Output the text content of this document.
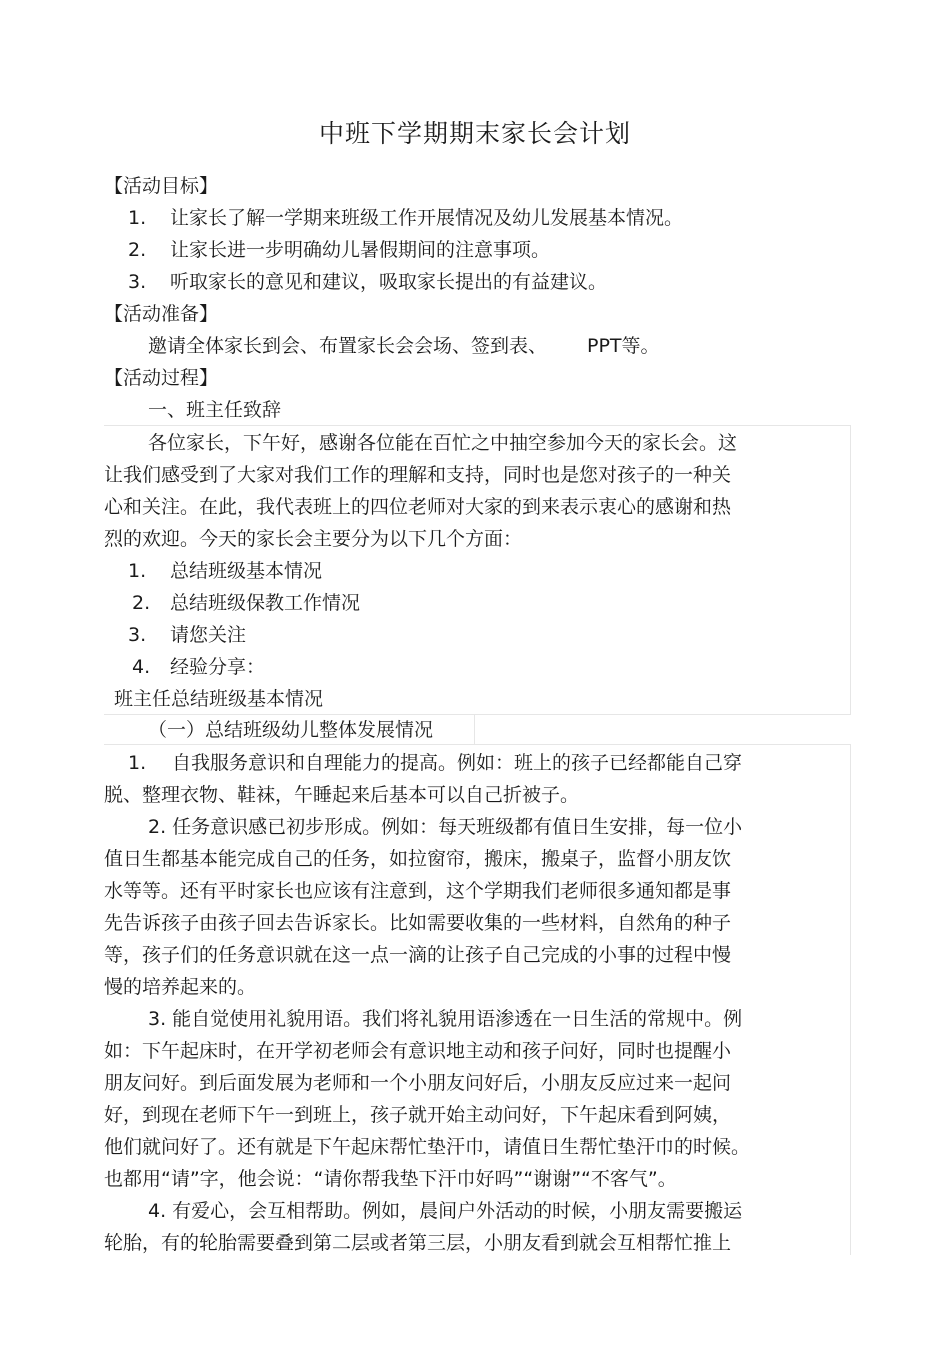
中班下学期期末家长会计划
【活动目标】
1. 让家长了解一学期来班级工作开展情况及幼儿发展基本情况。
2. 让家长进一步明确幼儿暑假期间的注意事项。
3. 听取家长的意见和建议，吸取家长提出的有益建议。
【活动准备】
邀请全体家长到会、布置家长会会场、签到表、 PPT等。
【活动过程】
一、班主任致辞
各位家长，下午好，感谢各位能在百忙之中抽空参加今天的家长会。这
让我们感受到了大家对我们工作的理解和支持，同时也是您对孩子的一种关
心和关注。在此，我代表班上的四位老师对大家的到来表示衷心的感谢和热
烈的欢迎。今天的家长会主要分为以下几个方面：
1. 总结班级基本情况
2. 总结班级保教工作情况
3. 请您关注
4. 经验分享：
班主任总结班级基本情况
（一）总结班级幼儿整体发展情况
1. 自我服务意识和自理能力的提高。例如：班上的孩子已经都能自己穿
脱、整理衣物、鞋袜，午睡起来后基本可以自己折被子。
2. 任务意识感已初步形成。例如：每天班级都有值日生安排，每一位小
值日生都基本能完成自己的任务，如拉窗帘，搬床，搬桌子，监督小朋友饮
水等等。还有平时家长也应该有注意到，这个学期我们老师很多通知都是事
先告诉孩子由孩子回去告诉家长。比如需要收集的一些材料，自然角的种子
等，孩子们的任务意识就在这一点一滴的让孩子自己完成的小事的过程中慢
慢的培养起来的。
3. 能自觉使用礼貌用语。我们将礼貌用语渗透在一日生活的常规中。例
如：下午起床时，在开学初老师会有意识地主动和孩子问好，同时也提醒小
朋友问好。到后面发展为老师和一个小朋友问好后，小朋友反应过来一起问
好，到现在老师下午一到班上，孩子就开始主动问好，下午起床看到阿姨，
他们就问好了。还有就是下午起床帮忙垫汗巾，请值日生帮忙垫汗巾的时候。
也都用“请”字，他会说：“请你帮我垫下汗巾好吗”“谢谢”“不客气”。
4. 有爱心，会互相帮助。例如，晨间户外活动的时候，小朋友需要搬运
轮胎，有的轮胎需要叠到第二层或者第三层，小朋友看到就会互相帮忙推上
